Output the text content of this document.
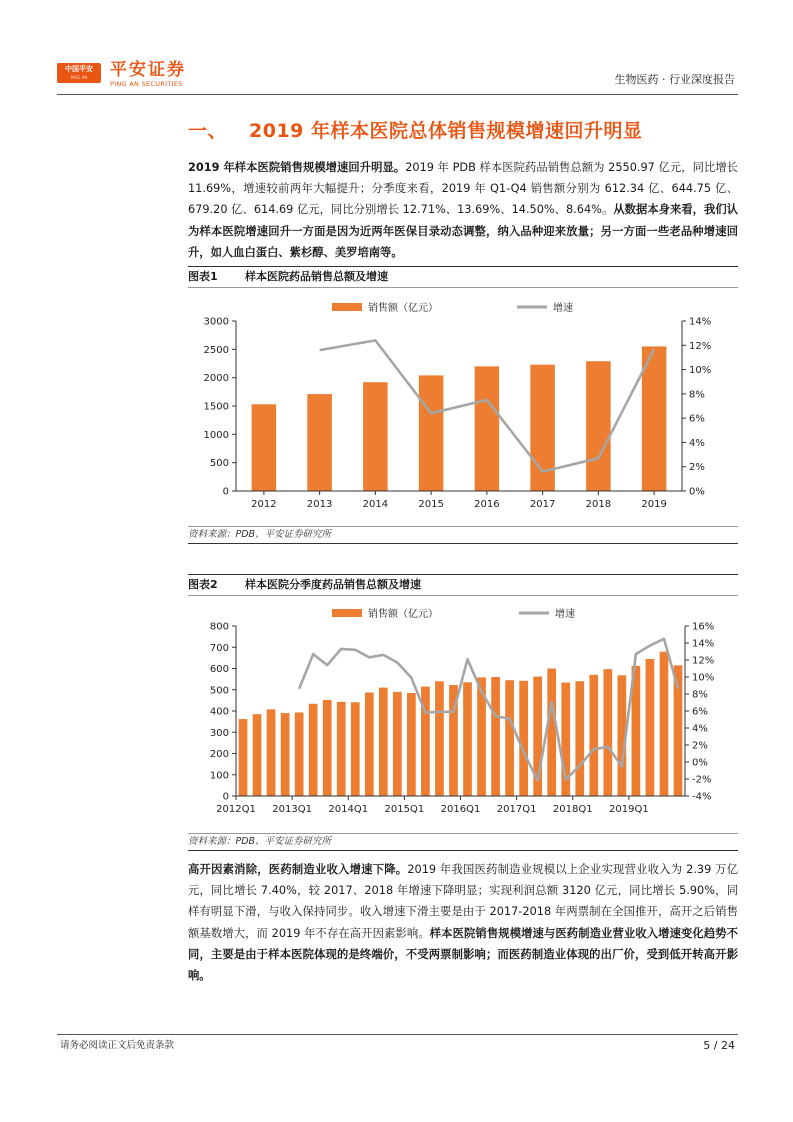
中国平安
PING AN	平安证券
PING AN SECURITIES	生物医药 · 行业深度报告
一、 2019 年样本医院总体销售规模增速回升明显
2019 年样本医院销售规模增速回升明显。2019 年 PDB 样本医院药品销售总额为 2550.97 亿元，同比增长 11.69%，增速较前两年大幅提升；分季度来看，2019 年 Q1-Q4 销售额分别为 612.34 亿、644.75 亿、679.20 亿、614.69 亿元，同比分别增长 12.71%、13.69%、14.50%、8.64%。从数据本身来看，我们认为样本医院增速回升一方面是因为近两年医保目录动态调整，纳入品种迎来放量；另一方面一些老品种增速回升，如人血白蛋白、紫杉醇、美罗培南等。
图表1 样本医院药品销售总额及增速
销售额（亿元）	增速
0
500
1000
1500
2000
2500
3000
0%
2%
4%
6%
8%
10%
12%
14%
2012	2013	2014	2015	2016	2017	2018	2019
资料来源：PDB、平安证券研究所
图表2 样本医院分季度药品销售总额及增速
销售额（亿元）	增速
0
100
200
300
400
500
600
700
800
-4%
-2%
0%
2%
4%
6%
8%
10%
12%
14%
16%
2012Q1 2013Q1 2014Q1 2015Q1 2016Q1 2017Q1 2018Q1 2019Q1
资料来源：PDB、平安证券研究所
高开因素消除，医药制造业收入增速下降。2019 年我国医药制造业规模以上企业实现营业收入为 2.39 万亿元，同比增长 7.40%，较 2017、2018 年增速下降明显；实现利润总额 3120 亿元，同比增长 5.90%，同样有明显下滑，与收入保持同步。收入增速下滑主要是由于 2017-2018 年两票制在全国推开，高开之后销售额基数增大，而 2019 年不存在高开因素影响。样本医院销售规模增速与医药制造业营业收入增速变化趋势不同，主要是由于样本医院体现的是终端价，不受两票制影响；而医药制造业体现的出厂价，受到低开转高开影响。
请务必阅读正文后免责条款	5 / 24
